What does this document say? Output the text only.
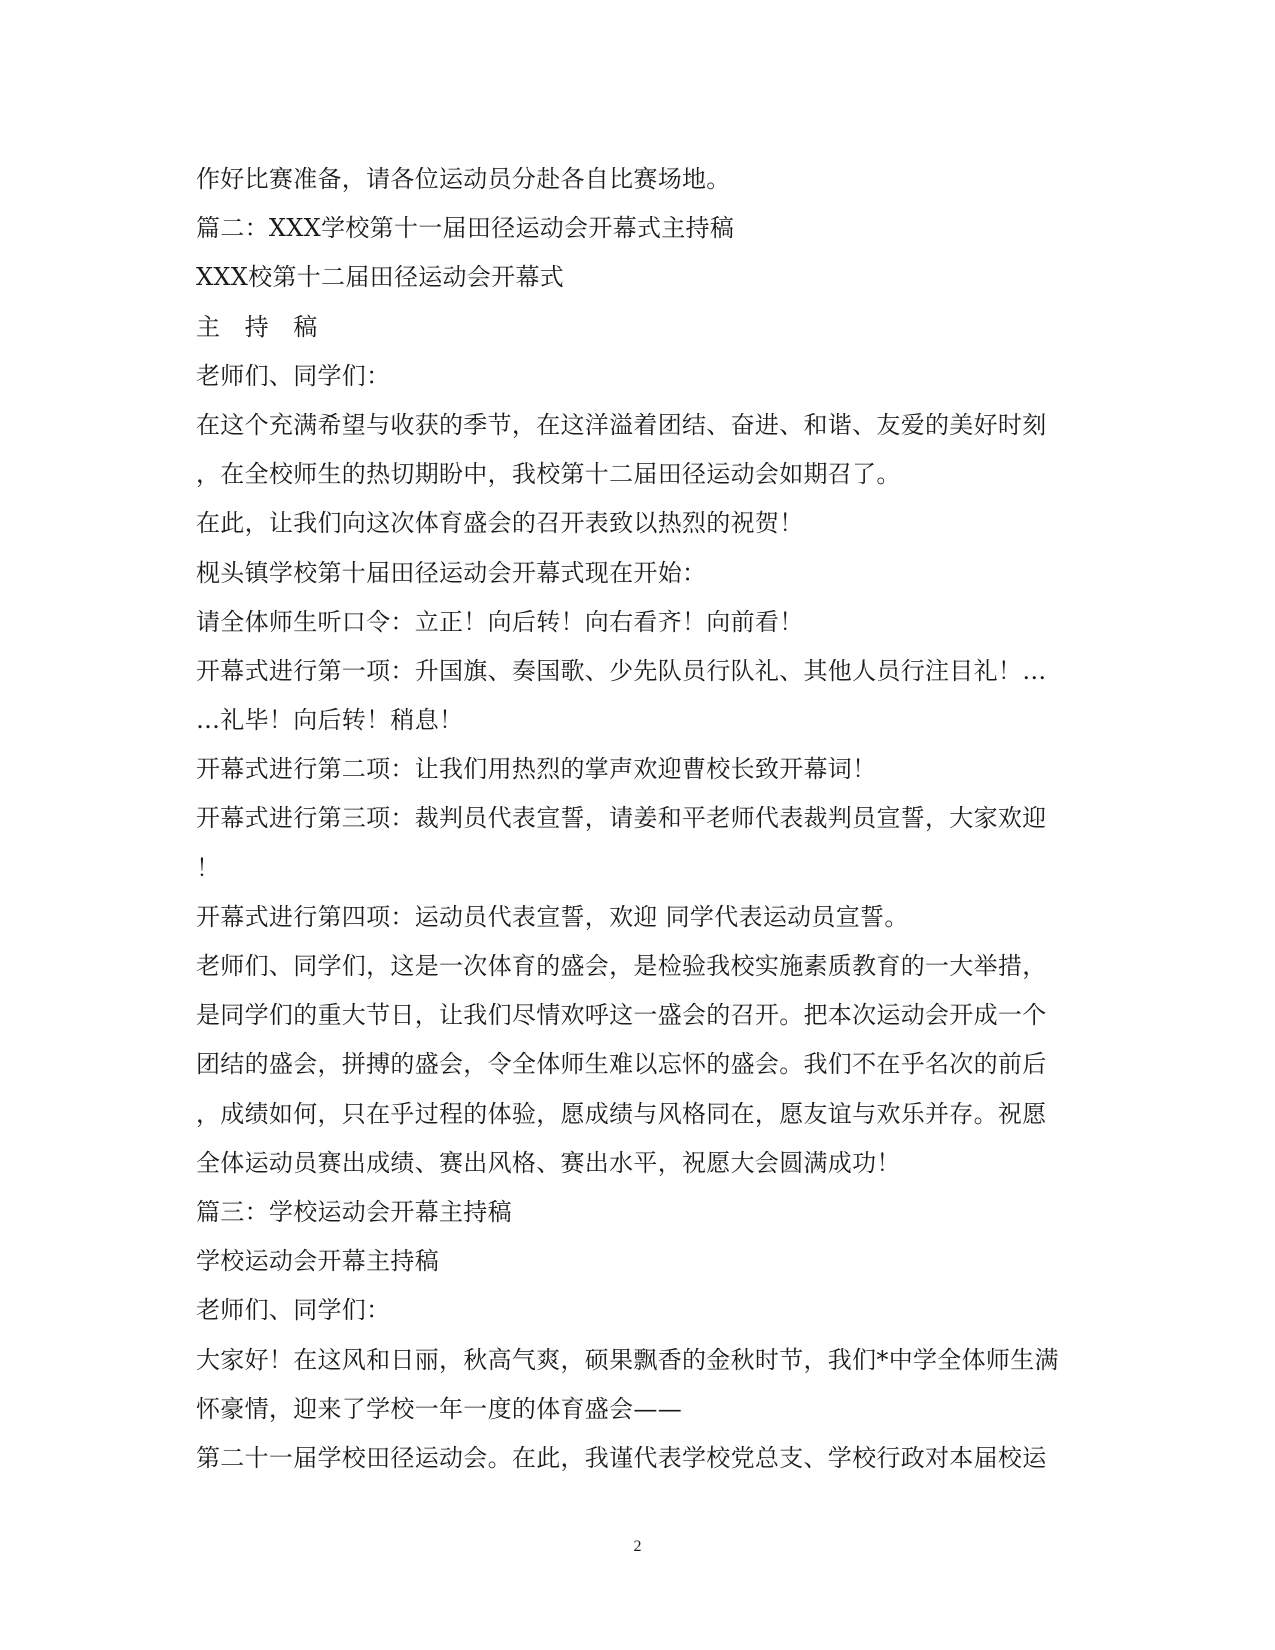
作好比赛准备，请各位运动员分赴各自比赛场地。
篇二：XXX学校第十一届田径运动会开幕式主持稿
XXX校第十二届田径运动会开幕式
主　持　稿
老师们、同学们：
在这个充满希望与收获的季节，在这洋溢着团结、奋进、和谐、友爱的美好时刻
，在全校师生的热切期盼中，我校第十二届田径运动会如期召了。
在此，让我们向这次体育盛会的召开表致以热烈的祝贺！
枧头镇学校第十届田径运动会开幕式现在开始：
请全体师生听口令：立正！向后转！向右看齐！向前看！
开幕式进行第一项：升国旗、奏国歌、少先队员行队礼、其他人员行注目礼！…
…礼毕！向后转！稍息！
开幕式进行第二项：让我们用热烈的掌声欢迎曹校长致开幕词！
开幕式进行第三项：裁判员代表宣誓，请姜和平老师代表裁判员宣誓，大家欢迎
！
开幕式进行第四项：运动员代表宣誓，欢迎 同学代表运动员宣誓。
老师们、同学们，这是一次体育的盛会，是检验我校实施素质教育的一大举措，
是同学们的重大节日，让我们尽情欢呼这一盛会的召开。把本次运动会开成一个
团结的盛会，拼搏的盛会，令全体师生难以忘怀的盛会。我们不在乎名次的前后
，成绩如何，只在乎过程的体验，愿成绩与风格同在，愿友谊与欢乐并存。祝愿
全体运动员赛出成绩、赛出风格、赛出水平，祝愿大会圆满成功！
篇三：学校运动会开幕主持稿
学校运动会开幕主持稿
老师们、同学们：
大家好！在这风和日丽，秋高气爽，硕果飘香的金秋时节，我们*中学全体师生满
怀豪情，迎来了学校一年一度的体育盛会——
第二十一届学校田径运动会。在此，我谨代表学校党总支、学校行政对本届校运
2
